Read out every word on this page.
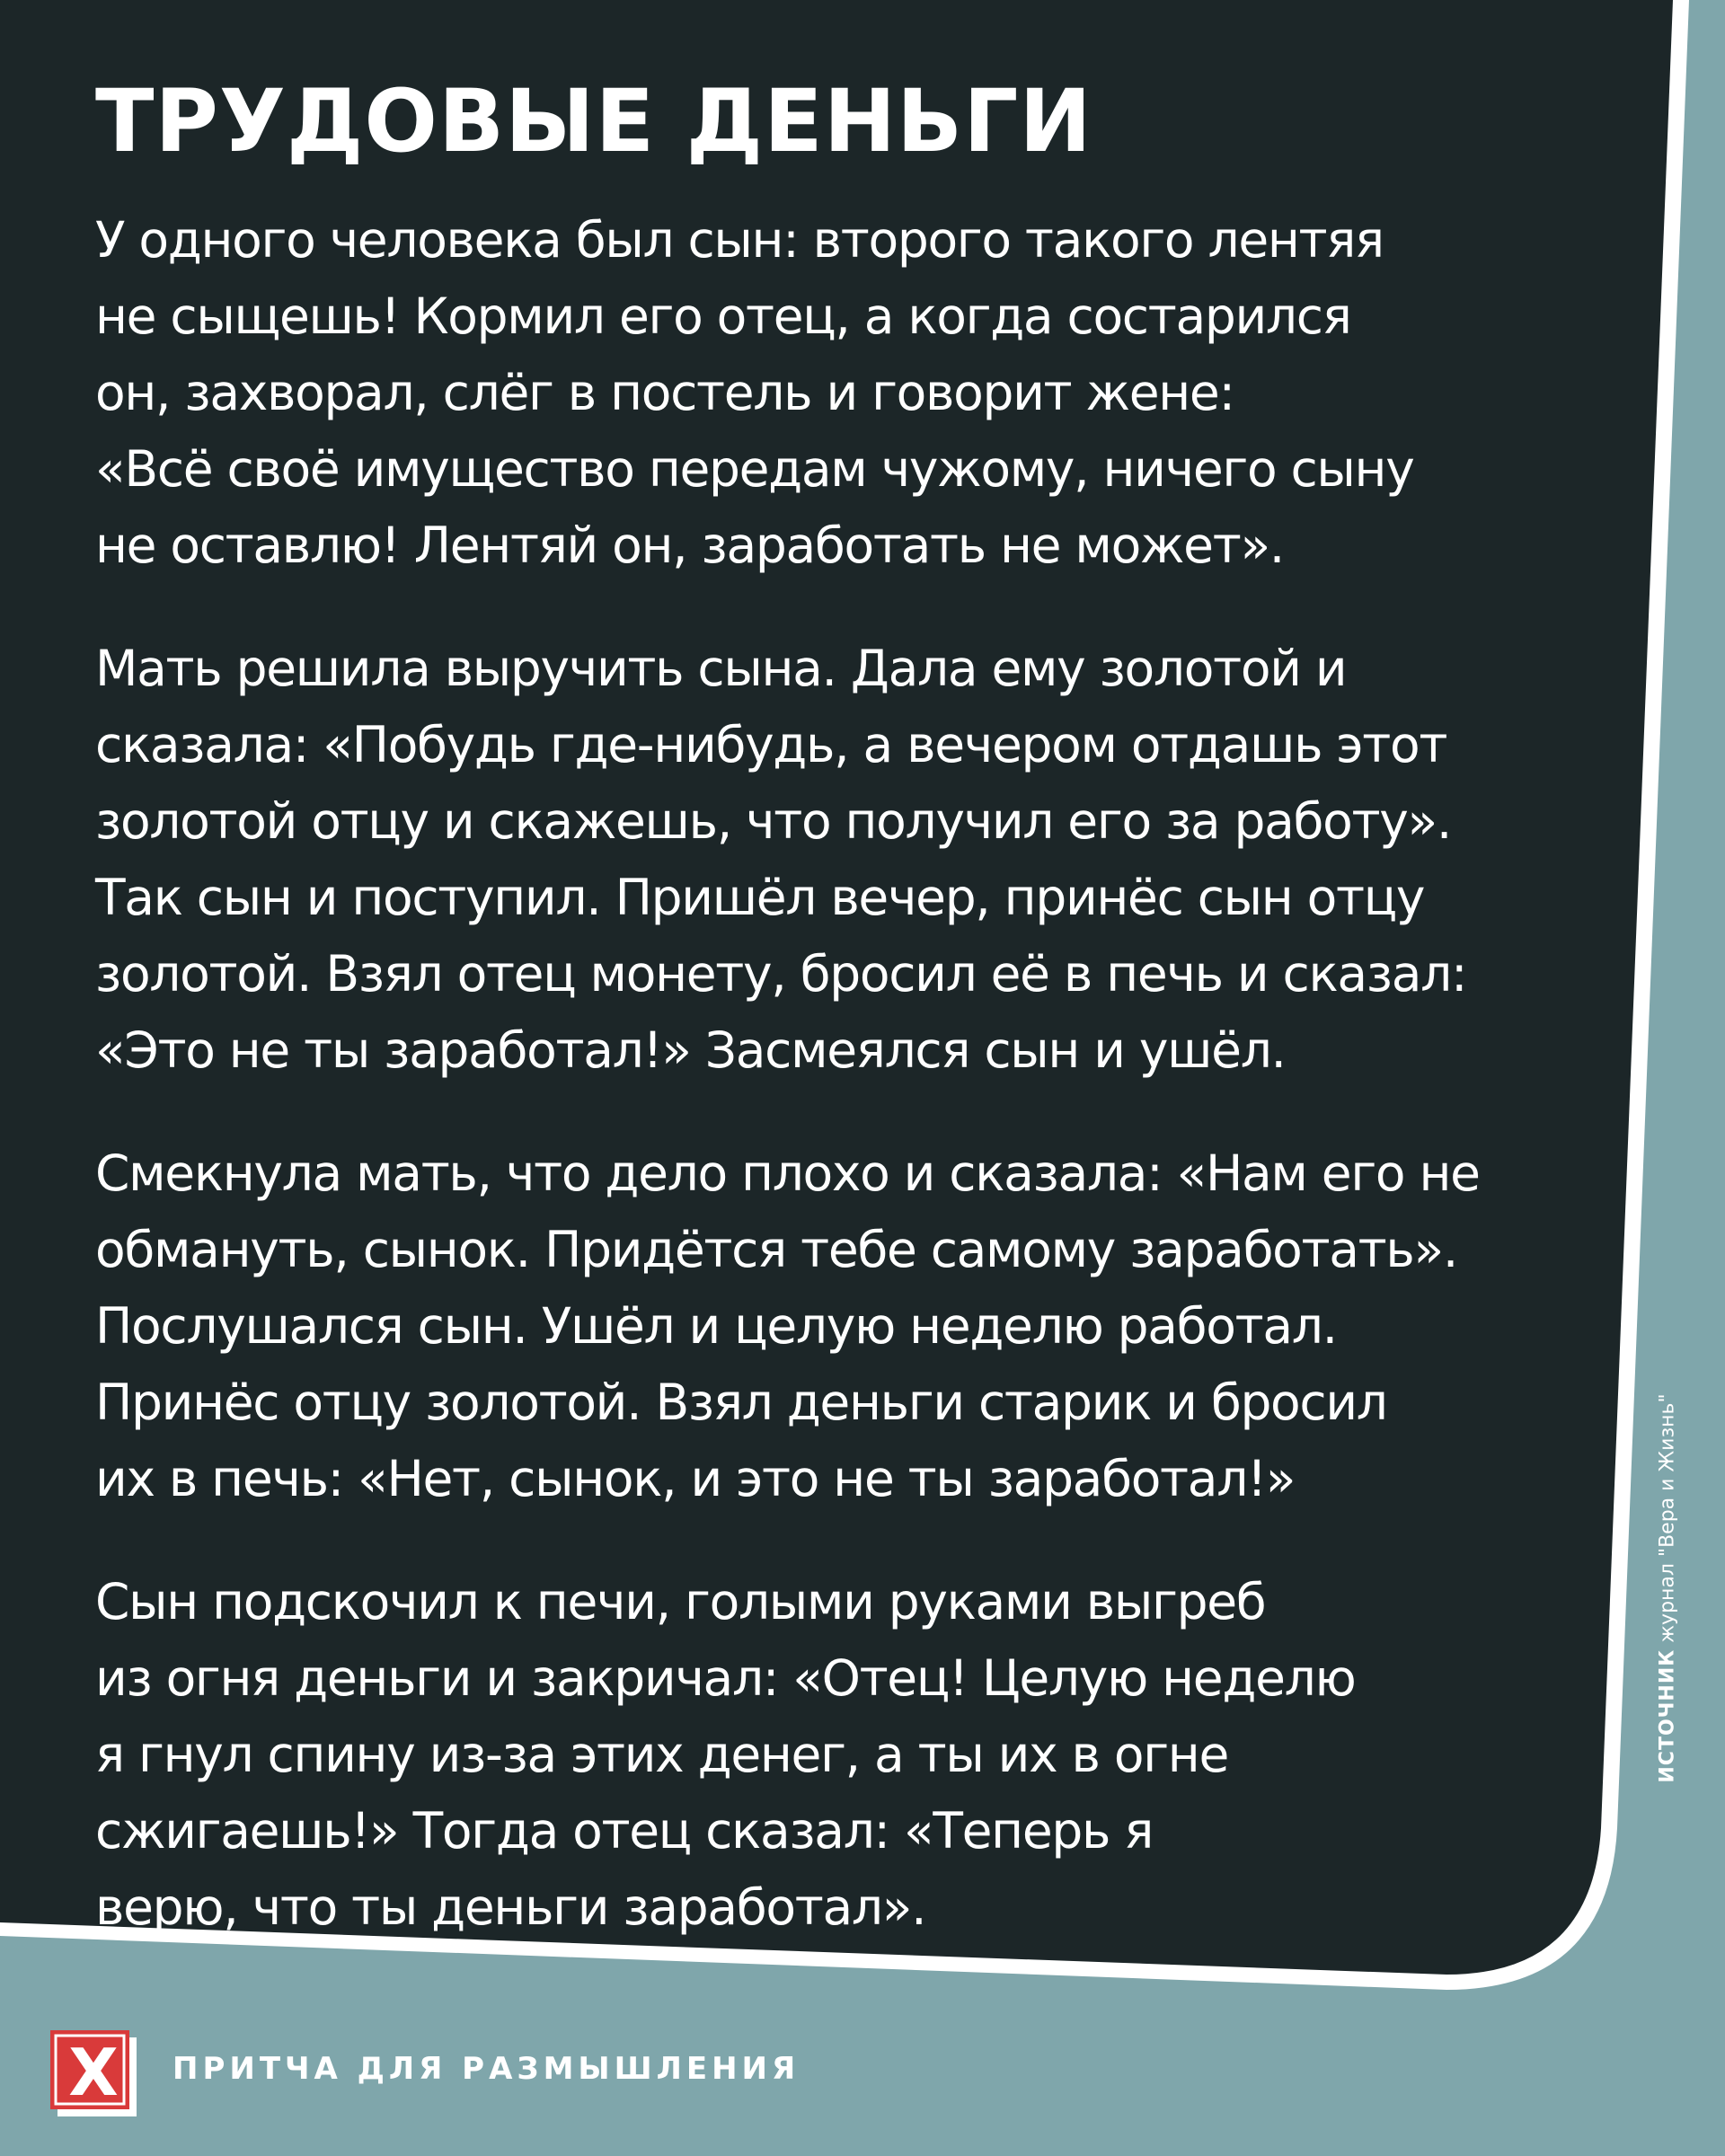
ТРУДОВЫЕ ДЕНЬГИ

У одного человека был сын: второго такого лентяя
не сыщешь! Кормил его отец, а когда состарился
он, захворал, слёг в постель и говорит жене:
«Всё своё имущество передам чужому, ничего сыну
не оставлю! Лентяй он, заработать не может».

Мать решила выручить сына. Дала ему золотой и
сказала: «Побудь где-нибудь, а вечером отдашь этот
золотой отцу и скажешь, что получил его за работу».
Так сын и поступил. Пришёл вечер, принёс сын отцу
золотой. Взял отец монету, бросил её в печь и сказал:
«Это не ты заработал!» Засмеялся сын и ушёл.

Смекнула мать, что дело плохо и сказала: «Нам его не
обмануть, сынок. Придётся тебе самому заработать».
Послушался сын. Ушёл и целую неделю работал.
Принёс отцу золотой. Взял деньги старик и бросил
их в печь: «Нет, сынок, и это не ты заработал!»

Сын подскочил к печи, голыми руками выгреб
из огня деньги и закричал: «Отец! Целую неделю
я гнул спину из-за этих денег, а ты их в огне
сжигаешь!» Тогда отец сказал: «Теперь я
верю, что ты деньги заработал».

ИСТОЧНИК журнал "Вера и Жизнь"
X	ПРИТЧА ДЛЯ РАЗМЫШЛЕНИЯ
